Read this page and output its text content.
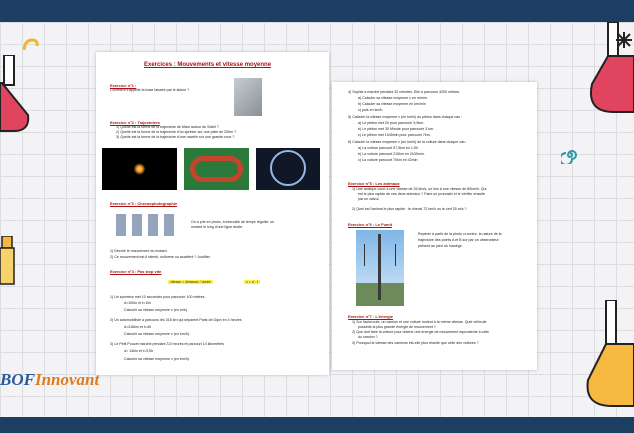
Exercices : Mouvements et vitesse moyenne
Exercice n°1 :
Comment s'appelle la trace laissée par le skieur ?
Exercice n°2 : Trajectoires
1) Quelle est la forme de la trajectoire de Mars autour du Soleil ?
2) Quelle est la forme de la trajectoire d'un sprinter sur une piste de 200m ?
3) Quelle est la forme de la trajectoire d'une nacelle sur une grande roue ?
Exercice n°3 : Chronophotographie
On a pris en photo, à intervalle de temps régulier un
motard le long d'une ligne droite.
1) Décrire le mouvement du motard.
2) Ce mouvement est-il ralenti, uniforme ou accéléré ? Justifier.
Exercice n°4 : Pas trop vite
vitesse = distance / durée	v = d : t
1) Un sprinteur met 10 secondes pour parcourir 100 mètres.
d=100m et t=10s
Calculer sa vitesse moyenne v (en m/s).
2) Un automobiliste a parcouru les 316 km qui séparent Paris de Dijon en 4 heures
d=316km et t=4h
Calculer sa vitesse moyenne v (en km/h).
3) Le Petit Poucet marche pendant 3,5 heures et parcourt 14 kilomètres
d= 14km et t=3,5h
Calculer sa vitesse moyenne v (en km/h).
4) Sophie a marché pendant 32 minutes. Elle a parcouru 3200 mètres.
a) Calculer sa vitesse moyenne v en m/min.
b) Calculer sa vitesse moyenne en km/min
c) puis en km/h.
5) Calculer la vitesse moyenne v (en km/h) du piéton dans chaque cas :
a) Le piéton met 2h pour parcourir 9,5km.
b) Le piéton met 30 Minute pour parcourir 3 km.
c) Le piéton met 1h45min pour parcourir 7km.
6) Calculer la vitesse moyenne v (en km/h) de la voiture dans chaque cas :
a) La voiture parcourt 97,5km en 1,5h
b) La voiture parcourt 210km en 2h30min.
c) La voiture parcourt 70km en 42min
Exercice n°5 : Les animaux
1) Une antilope court à une vitesse de 25,5m/s, un lion à une vitesse de 80km/h. Qui
est le plus rapide de ces deux animaux ? Faire un pronostic et le vérifier ensuite
par un calcul.
2) Quel est l'animal le plus rapide : le cheval 72 km/h ou le cerf 25 m/s ?
Exercice n°6 : Le Fumit
Repérer à partir de la photo ci-contre, la nature de la
trajectoire des points A et B sur par un observateur
présent au pied du manège.
Exercice n°7 : L'énergie
1) Sur l'autoroute, un camion et une voiture roulent à la même vitesse. Quel véhicule
possède la plus grande énergie de mouvement ?
2) Que doit faire la voiture pour obtenir une énergie de mouvement équivalente à celle
du camion ?
3) Pourquoi la vitesse des camions est-elle plus réduite que celle des voitures ?
BOFInnovant
